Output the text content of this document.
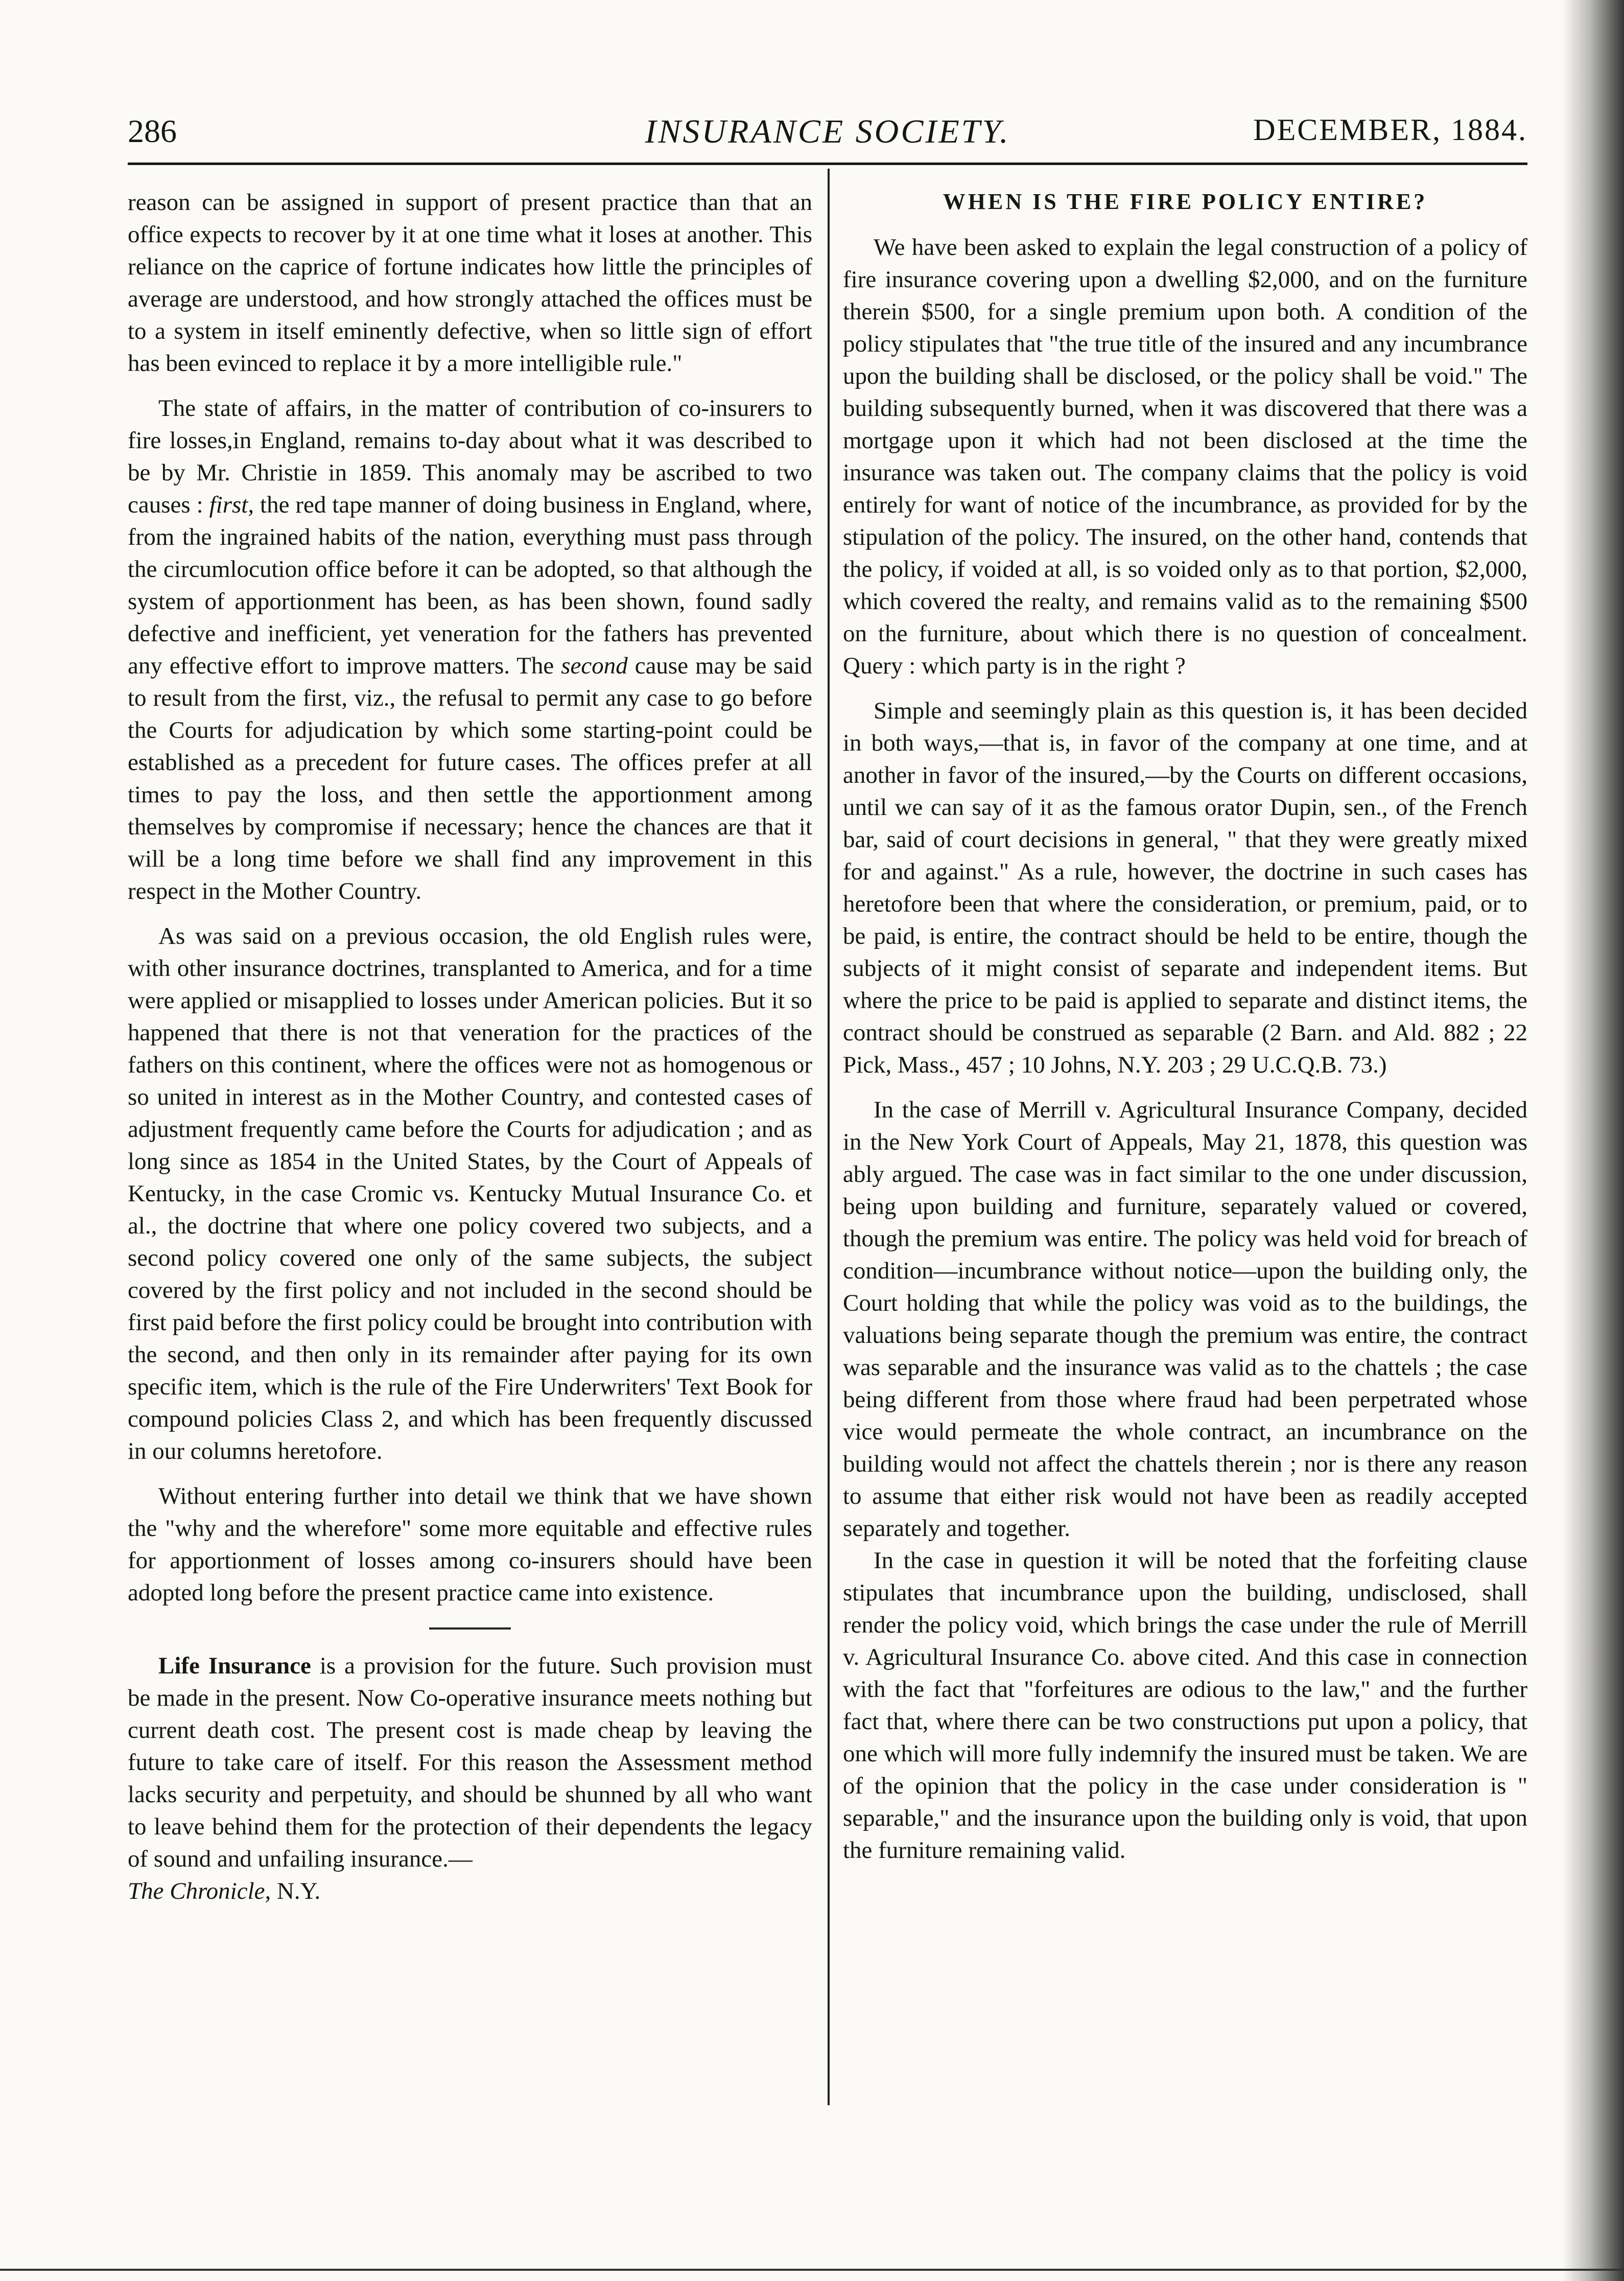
286	INSURANCE SOCIETY.	DECEMBER, 1884.

reason can be assigned in support of present practice than that an office expects to recover by it at one time what it loses at another. This reliance on the caprice of fortune indicates how little the principles of average are understood, and how strongly attached the offices must be to a system in itself eminently defective, when so little sign of effort has been evinced to replace it by a more intelligible rule."

The state of affairs, in the matter of contribution of co-insurers to fire losses,in England, remains to-day about what it was described to be by Mr. Christie in 1859. This anomaly may be ascribed to two causes : first, the red tape manner of doing business in England, where, from the ingrained habits of the nation, everything must pass through the circumlocution office before it can be adopted, so that although the system of apportionment has been, as has been shown, found sadly defective and inefficient, yet veneration for the fathers has prevented any effective effort to improve matters. The second cause may be said to result from the first, viz., the refusal to permit any case to go before the Courts for adjudication by which some starting-point could be established as a precedent for future cases. The offices prefer at all times to pay the loss, and then settle the apportionment among themselves by compromise if necessary; hence the chances are that it will be a long time before we shall find any improvement in this respect in the Mother Country.

As was said on a previous occasion, the old English rules were, with other insurance doctrines, transplanted to America, and for a time were applied or misapplied to losses under American policies. But it so happened that there is not that veneration for the practices of the fathers on this continent, where the offices were not as homogenous or so united in interest as in the Mother Country, and contested cases of adjustment frequently came before the Courts for adjudication ; and as long since as 1854 in the United States, by the Court of Appeals of Kentucky, in the case Cromic vs. Kentucky Mutual Insurance Co. et al., the doctrine that where one policy covered two subjects, and a second policy covered one only of the same subjects, the subject covered by the first policy and not included in the second should be first paid before the first policy could be brought into contribution with the second, and then only in its remainder after paying for its own specific item, which is the rule of the Fire Underwriters' Text Book for compound policies Class 2, and which has been frequently discussed in our columns heretofore.

Without entering further into detail we think that we have shown the "why and the wherefore" some more equitable and effective rules for apportionment of losses among co-insurers should have been adopted long before the present practice came into existence.

Life Insurance is a provision for the future. Such provision must be made in the present. Now Co-operative insurance meets nothing but current death cost. The present cost is made cheap by leaving the future to take care of itself. For this reason the Assessment method lacks security and perpetuity, and should be shunned by all who want to leave behind them for the protection of their dependents the legacy of sound and unfailing insurance.—
The Chronicle, N.Y.

WHEN IS THE FIRE POLICY ENTIRE?

We have been asked to explain the legal construction of a policy of fire insurance covering upon a dwelling $2,000, and on the furniture therein $500, for a single premium upon both. A condition of the policy stipulates that "the true title of the insured and any incumbrance upon the building shall be disclosed, or the policy shall be void." The building subsequently burned, when it was discovered that there was a mortgage upon it which had not been disclosed at the time the insurance was taken out. The company claims that the policy is void entirely for want of notice of the incumbrance, as provided for by the stipulation of the policy. The insured, on the other hand, contends that the policy, if voided at all, is so voided only as to that portion, $2,000, which covered the realty, and remains valid as to the remaining $500 on the furniture, about which there is no question of concealment. Query : which party is in the right ?

Simple and seemingly plain as this question is, it has been decided in both ways,—that is, in favor of the company at one time, and at another in favor of the insured,—by the Courts on different occasions, until we can say of it as the famous orator Dupin, sen., of the French bar, said of court decisions in general, " that they were greatly mixed for and against." As a rule, however, the doctrine in such cases has heretofore been that where the consideration, or premium, paid, or to be paid, is entire, the contract should be held to be entire, though the subjects of it might consist of separate and independent items. But where the price to be paid is applied to separate and distinct items, the contract should be construed as separable (2 Barn. and Ald. 882 ; 22 Pick, Mass., 457 ; 10 Johns, N.Y. 203 ; 29 U.C.Q.B. 73.)

In the case of Merrill v. Agricultural Insurance Company, decided in the New York Court of Appeals, May 21, 1878, this question was ably argued. The case was in fact similar to the one under discussion, being upon building and furniture, separately valued or covered, though the premium was entire. The policy was held void for breach of condition—incumbrance without notice—upon the building only, the Court holding that while the policy was void as to the buildings, the valuations being separate though the premium was entire, the contract was separable and the insurance was valid as to the chattels ; the case being different from those where fraud had been perpetrated whose vice would permeate the whole contract, an incumbrance on the building would not affect the chattels therein ; nor is there any reason to assume that either risk would not have been as readily accepted separately and together.

In the case in question it will be noted that the forfeiting clause stipulates that incumbrance upon the building, undisclosed, shall render the policy void, which brings the case under the rule of Merrill v. Agricultural Insurance Co. above cited. And this case in connection with the fact that "forfeitures are odious to the law," and the further fact that, where there can be two constructions put upon a policy, that one which will more fully indemnify the insured must be taken. We are of the opinion that the policy in the case under consideration is " separable," and the insurance upon the building only is void, that upon the furniture remaining valid.
